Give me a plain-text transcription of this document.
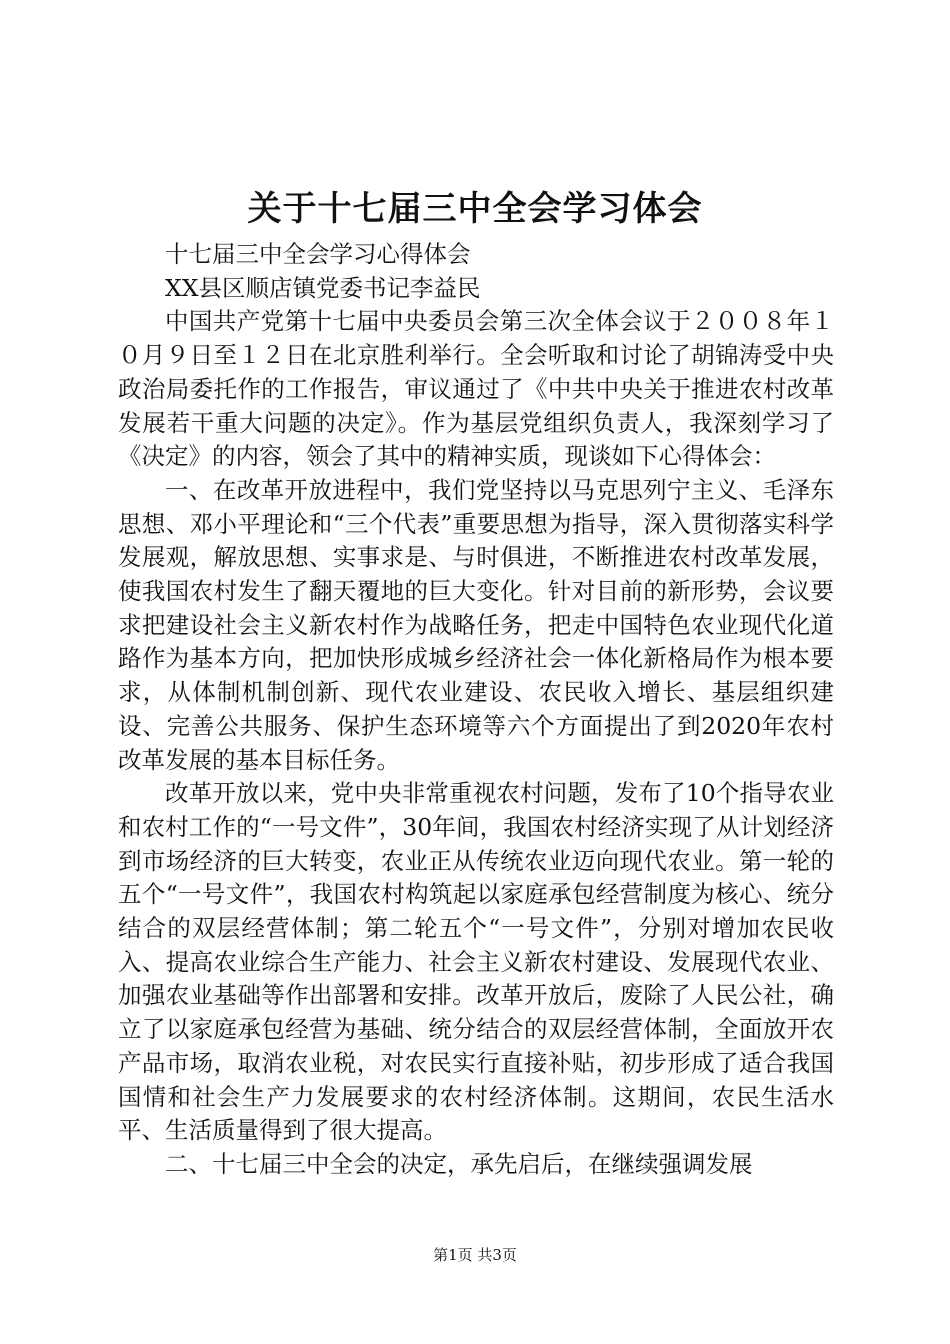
关于十七届三中全会学习体会

十七届三中全会学习心得体会

XX县区顺店镇党委书记李益民

中国共产党第十七届中央委员会第三次全体会议于２００８年１０月９日至１２日在北京胜利举行。全会听取和讨论了胡锦涛受中央政治局委托作的工作报告，审议通过了《中共中央关于推进农村改革发展若干重大问题的决定》。作为基层党组织负责人，我深刻学习了《决定》的内容，领会了其中的精神实质，现谈如下心得体会：

一、在改革开放进程中，我们党坚持以马克思列宁主义、毛泽东思想、邓小平理论和“三个代表”重要思想为指导，深入贯彻落实科学发展观，解放思想、实事求是、与时俱进，不断推进农村改革发展，使我国农村发生了翻天覆地的巨大变化。针对目前的新形势，会议要求把建设社会主义新农村作为战略任务，把走中国特色农业现代化道路作为基本方向，把加快形成城乡经济社会一体化新格局作为根本要求，从体制机制创新、现代农业建设、农民收入增长、基层组织建设、完善公共服务、保护生态环境等六个方面提出了到2020年农村改革发展的基本目标任务。

改革开放以来，党中央非常重视农村问题，发布了10个指导农业和农村工作的“一号文件”，30年间，我国农村经济实现了从计划经济到市场经济的巨大转变，农业正从传统农业迈向现代农业。第一轮的五个“一号文件”，我国农村构筑起以家庭承包经营制度为核心、统分结合的双层经营体制；第二轮五个“一号文件”，分别对增加农民收入、提高农业综合生产能力、社会主义新农村建设、发展现代农业、加强农业基础等作出部署和安排。改革开放后，废除了人民公社，确立了以家庭承包经营为基础、统分结合的双层经营体制，全面放开农产品市场，取消农业税，对农民实行直接补贴，初步形成了适合我国国情和社会生产力发展要求的农村经济体制。这期间，农民生活水平、生活质量得到了很大提高。

二、十七届三中全会的决定，承先启后，在继续强调发展

第1页 共3页
